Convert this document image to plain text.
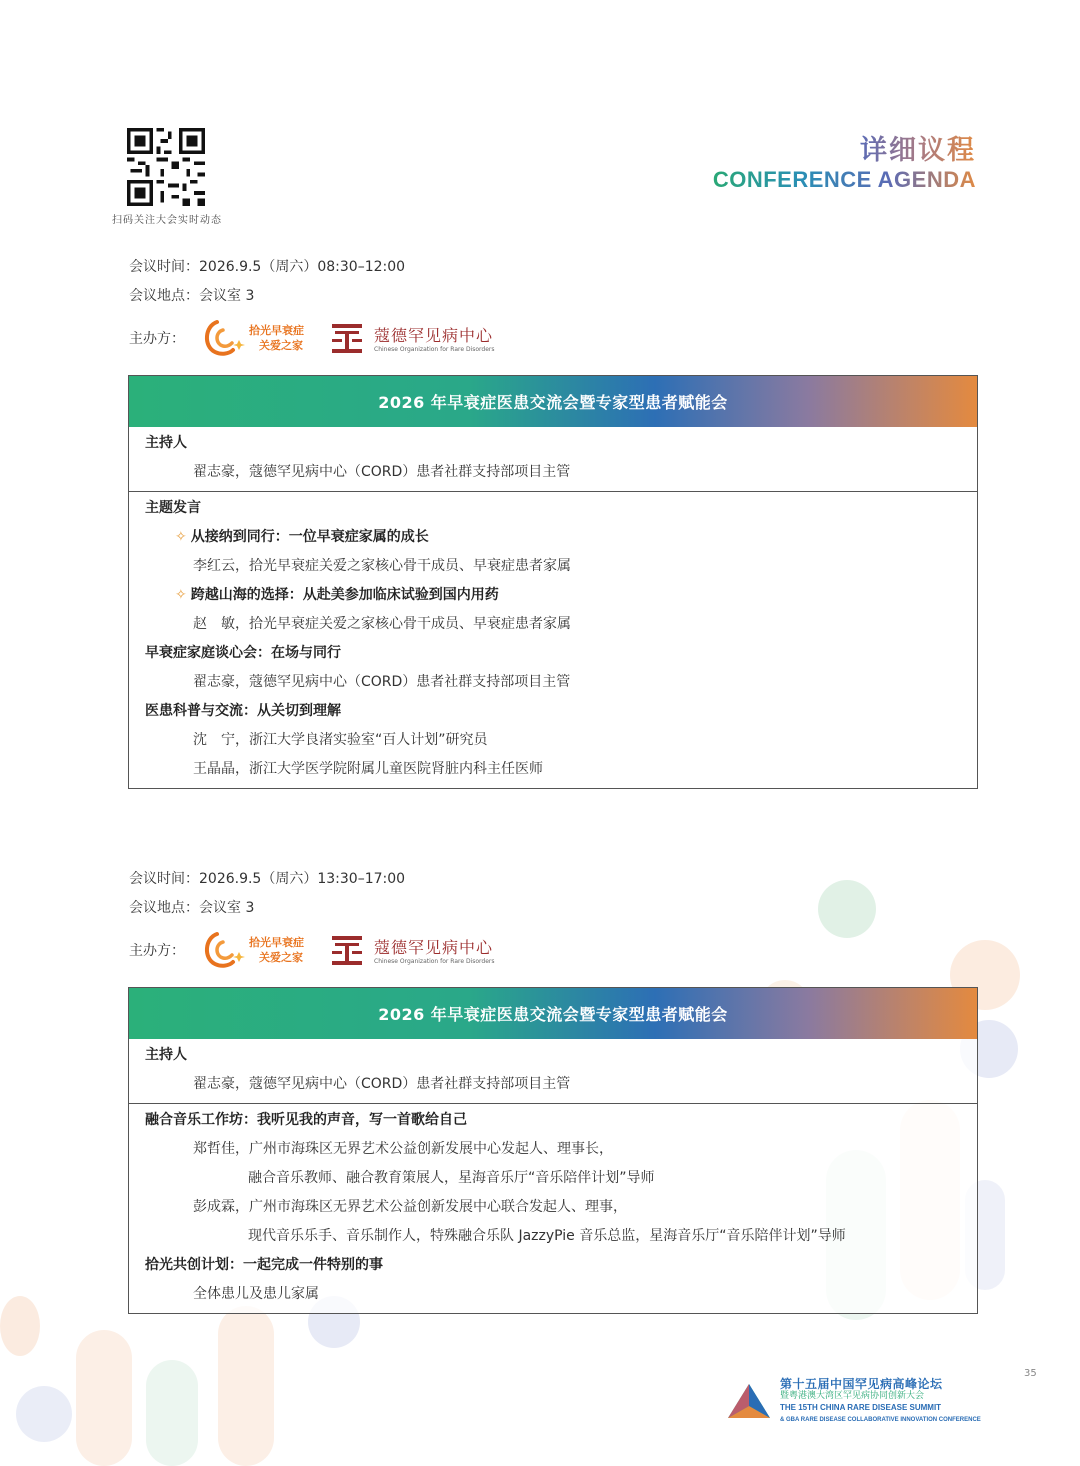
扫码关注大会实时动态
详细议程
CONFERENCE AGENDA
会议时间：2026.9.5（周六）08:30–12:00
会议地点：会议室 3
主办方：
拾光早衰症
关爱之家
蔻德罕见病中心
Chinese Organization for Rare Disorders
2026 年早衰症医患交流会暨专家型患者赋能会
主持人
翟志豪，蔻德罕见病中心（CORD）患者社群支持部项目主管
主题发言
✧ 从接纳到同行：一位早衰症家属的成长
李红云，拾光早衰症关爱之家核心骨干成员、早衰症患者家属
✧ 跨越山海的选择：从赴美参加临床试验到国内用药
赵　敏，拾光早衰症关爱之家核心骨干成员、早衰症患者家属
早衰症家庭谈心会：在场与同行
翟志豪，蔻德罕见病中心（CORD）患者社群支持部项目主管
医患科普与交流：从关切到理解
沈　宁，浙江大学良渚实验室“百人计划”研究员
王晶晶，浙江大学医学院附属儿童医院肾脏内科主任医师
会议时间：2026.9.5（周六）13:30–17:00
会议地点：会议室 3
主办方：
拾光早衰症
关爱之家
蔻德罕见病中心
Chinese Organization for Rare Disorders
2026 年早衰症医患交流会暨专家型患者赋能会
主持人
翟志豪，蔻德罕见病中心（CORD）患者社群支持部项目主管
融合音乐工作坊：我听见我的声音，写一首歌给自己
郑哲佳，广州市海珠区无界艺术公益创新发展中心发起人、理事长，
融合音乐教师、融合教育策展人，星海音乐厅“音乐陪伴计划”导师
彭成霖，广州市海珠区无界艺术公益创新发展中心联合发起人、理事，
现代音乐乐手、音乐制作人，特殊融合乐队 JazzyPie 音乐总监，星海音乐厅“音乐陪伴计划”导师
拾光共创计划：一起完成一件特别的事
全体患儿及患儿家属
第十五届中国罕见病高峰论坛
暨粤港澳大湾区罕见病协同创新大会
THE 15TH CHINA RARE DISEASE SUMMIT
& GBA RARE DISEASE COLLABORATIVE INNOVATION CONFERENCE
35
